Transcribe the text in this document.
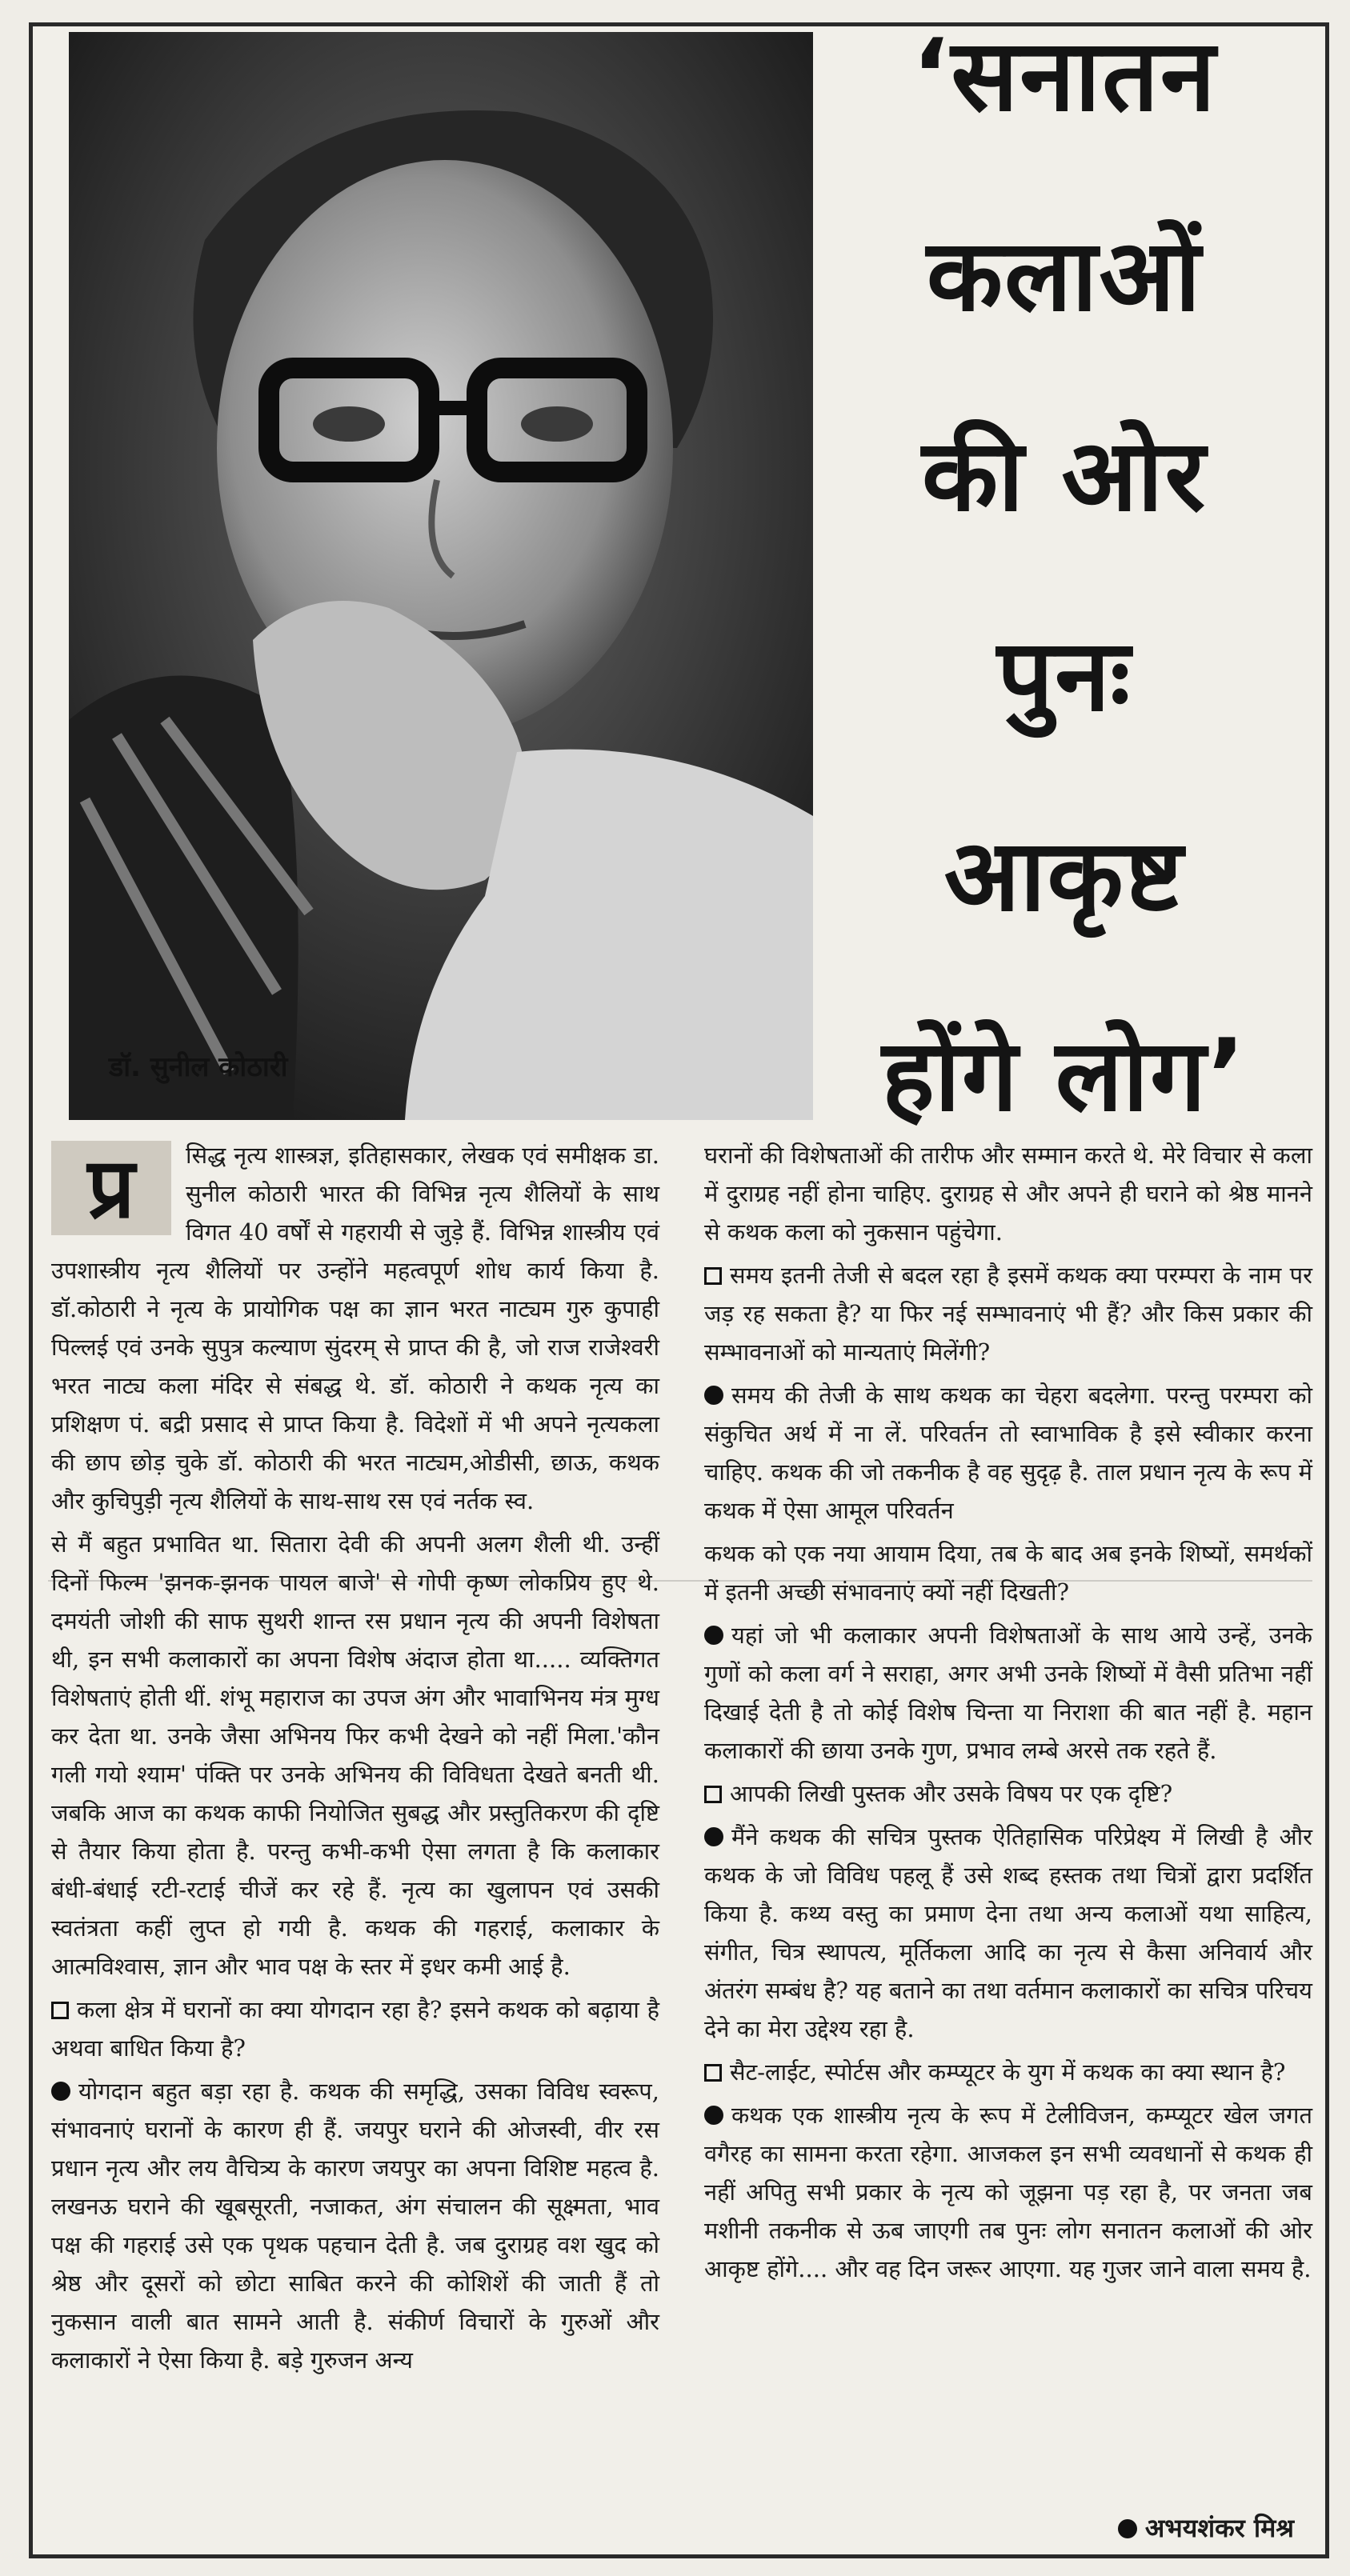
डॉ. सुनील कोठारी
‘सनातन
कलाओं
की ओर
पुनः
आकृष्ट
होंगे लोग’

प्र	सिद्ध नृत्य शास्त्रज्ञ, इतिहासकार, लेखक एवं समीक्षक डा. सुनील कोठारी भारत की विभिन्न नृत्य शैलियों के साथ विगत 40 वर्षों से गहरायी से जुड़े हैं. विभिन्न शास्त्रीय एवं उपशास्त्रीय नृत्य शैलियों पर उन्होंने महत्वपूर्ण शोध कार्य किया है. डॉ.कोठारी ने नृत्य के प्रायोगिक पक्ष का ज्ञान भरत नाट्यम गुरु कुपाही पिल्लई एवं उनके सुपुत्र कल्याण सुंदरम् से प्राप्त की है, जो राज राजेश्वरी भरत नाट्य कला मंदिर से संबद्ध थे. डॉ. कोठारी ने कथक नृत्य का प्रशिक्षण पं. बद्री प्रसाद से प्राप्त किया है. विदेशों में भी अपने नृत्यकला की छाप छोड़ चुके डॉ. कोठारी की भरत नाट्यम,ओडीसी, छाऊ, कथक और कुचिपुड़ी नृत्य शैलियों के साथ-साथ रस एवं नर्तक स्व.

से मैं बहुत प्रभावित था. सितारा देवी की अपनी अलग शैली थी. उन्हीं दिनों फिल्म 'झनक-झनक पायल बाजे' से गोपी कृष्ण लोकप्रिय हुए थे. दमयंती जोशी की साफ सुथरी शान्त रस प्रधान नृत्य की अपनी विशेषता थी, इन सभी कलाकारों का अपना विशेष अंदाज होता था..... व्यक्तिगत विशेषताएं होती थीं. शंभू महाराज का उपज अंग और भावाभिनय मंत्र मुग्ध कर देता था. उनके जैसा अभिनय फिर कभी देखने को नहीं मिला.'कौन गली गयो श्याम' पंक्ति पर उनके अभिनय की विविधता देखते बनती थी. जबकि आज का कथक काफी नियोजित सुबद्ध और प्रस्तुतिकरण की दृष्टि से तैयार किया होता है. परन्तु कभी-कभी ऐसा लगता है कि कलाकार बंधी-बंधाई रटी-रटाई चीजें कर रहे हैं. नृत्य का खुलापन एवं उसकी स्वतंत्रता कहीं लुप्त हो गयी है. कथक की गहराई, कलाकार के आत्मविश्वास, ज्ञान और भाव पक्ष के स्तर में इधर कमी आई है.

कला क्षेत्र में घरानों का क्या योगदान रहा है? इसने कथक को बढ़ाया है अथवा बाधित किया है?

योगदान बहुत बड़ा रहा है. कथक की समृद्धि, उसका विविध स्वरूप, संभावनाएं घरानों के कारण ही हैं. जयपुर घराने की ओजस्वी, वीर रस प्रधान नृत्य और लय वैचित्र्य के कारण जयपुर का अपना विशिष्ट महत्व है. लखनऊ घराने की खूबसूरती, नजाकत, अंग संचालन की सूक्ष्मता, भाव पक्ष की गहराई उसे एक पृथक पहचान देती है. जब दुराग्रह वश खुद को श्रेष्ठ और दूसरों को छोटा साबित करने की कोशिशें की जाती हैं तो नुकसान वाली बात सामने आती है. संकीर्ण विचारों के गुरुओं और कलाकारों ने ऐसा किया है. बड़े गुरुजन अन्य

घरानों की विशेषताओं की तारीफ और सम्मान करते थे. मेरे विचार से कला में दुराग्रह नहीं होना चाहिए. दुराग्रह से और अपने ही घराने को श्रेष्ठ मानने से कथक कला को नुकसान पहुंचेगा.

समय इतनी तेजी से बदल रहा है इसमें कथक क्या परम्परा के नाम पर जड़ रह सकता है? या फिर नई सम्भावनाएं भी हैं? और किस प्रकार की सम्भावनाओं को मान्यताएं मिलेंगी?

समय की तेजी के साथ कथक का चेहरा बदलेगा. परन्तु परम्परा को संकुचित अर्थ में ना लें. परिवर्तन तो स्वाभाविक है इसे स्वीकार करना चाहिए. कथक की जो तकनीक है वह सुदृढ़ है. ताल प्रधान नृत्य के रूप में कथक में ऐसा आमूल परिवर्तन

कथक को एक नया आयाम दिया, तब के बाद अब इनके शिष्यों, समर्थकों में इतनी अच्छी संभावनाएं क्यों नहीं दिखती?

यहां जो भी कलाकार अपनी विशेषताओं के साथ आये उन्हें, उनके गुणों को कला वर्ग ने सराहा, अगर अभी उनके शिष्यों में वैसी प्रतिभा नहीं दिखाई देती है तो कोई विशेष चिन्ता या निराशा की बात नहीं है. महान कलाकारों की छाया उनके गुण, प्रभाव लम्बे अरसे तक रहते हैं.

आपकी लिखी पुस्तक और उसके विषय पर एक दृष्टि?

मैंने कथक की सचित्र पुस्तक ऐतिहासिक परिप्रेक्ष्य में लिखी है और कथक के जो विविध पहलू हैं उसे शब्द हस्तक तथा चित्रों द्वारा प्रदर्शित किया है. कथ्य वस्तु का प्रमाण देना तथा अन्य कलाओं यथा साहित्य, संगीत, चित्र स्थापत्य, मूर्तिकला आदि का नृत्य से कैसा अनिवार्य और अंतरंग सम्बंध है? यह बताने का तथा वर्तमान कलाकारों का सचित्र परिचय देने का मेरा उद्देश्य रहा है.

सैट-लाईट, स्पोर्टस और कम्प्यूटर के युग में कथक का क्या स्थान है?

कथक एक शास्त्रीय नृत्य के रूप में टेलीविजन, कम्प्यूटर खेल जगत वगैरह का सामना करता रहेगा. आजकल इन सभी व्यवधानों से कथक ही नहीं अपितु सभी प्रकार के नृत्य को जूझना पड़ रहा है, पर जनता जब मशीनी तकनीक से ऊब जाएगी तब पुनः लोग सनातन कलाओं की ओर आकृष्ट होंगे.... और वह दिन जरूर आएगा. यह गुजर जाने वाला समय है.

अभयशंकर मिश्र
